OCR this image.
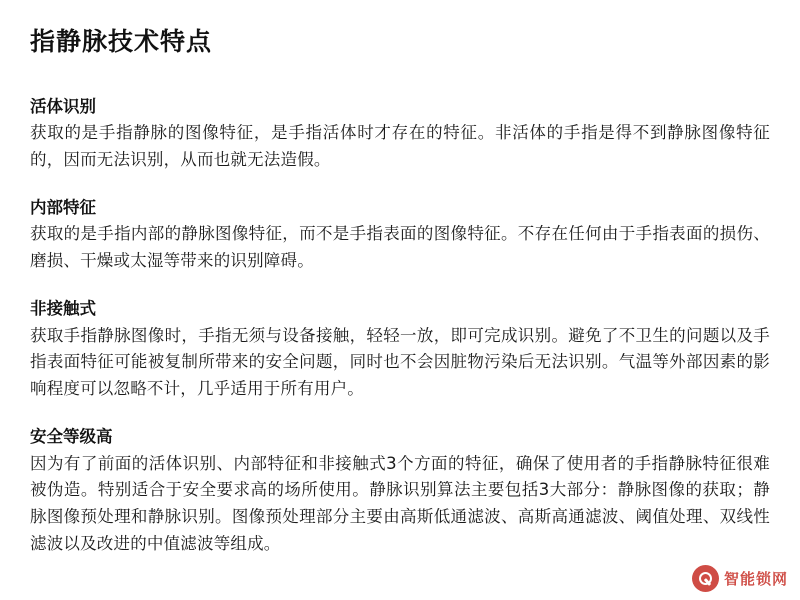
指静脉技术特点
活体识别
获取的是手指静脉的图像特征，是手指活体时才存在的特征。非活体的手指是得不到静脉图像特征的，因而无法识别，从而也就无法造假。
内部特征
获取的是手指内部的静脉图像特征，而不是手指表面的图像特征。不存在任何由于手指表面的损伤、磨损、干燥或太湿等带来的识别障碍。
非接触式
获取手指静脉图像时，手指无须与设备接触，轻轻一放，即可完成识别。避免了不卫生的问题以及手指表面特征可能被复制所带来的安全问题，同时也不会因脏物污染后无法识别。气温等外部因素的影响程度可以忽略不计，几乎适用于所有用户。
安全等级高
因为有了前面的活体识别、内部特征和非接触式3个方面的特征，确保了使用者的手指静脉特征很难被伪造。特别适合于安全要求高的场所使用。静脉识别算法主要包括3大部分：静脉图像的获取；静脉图像预处理和静脉识别。图像预处理部分主要由高斯低通滤波、高斯高通滤波、阈值处理、双线性滤波以及改进的中值滤波等组成。
智能锁网
